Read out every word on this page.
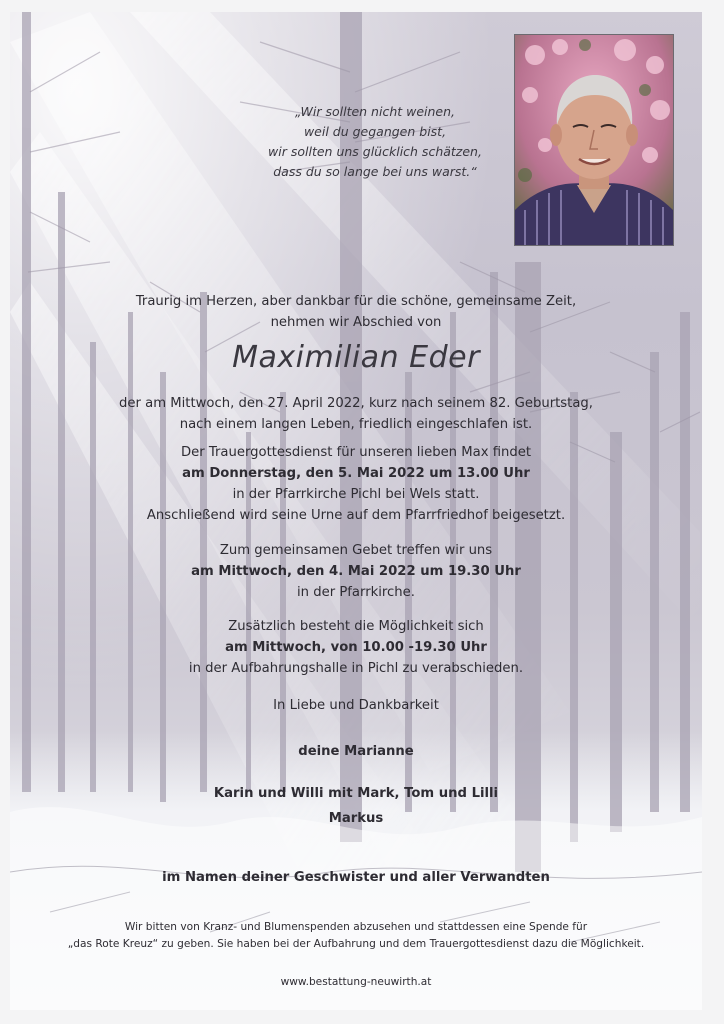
„Wir sollten nicht weinen,
weil du gegangen bist,
wir sollten uns glücklich schätzen,
dass du so lange bei uns warst.“
Traurig im Herzen, aber dankbar für die schöne, gemeinsame Zeit,
nehmen wir Abschied von
Maximilian Eder
der am Mittwoch, den 27. April 2022, kurz nach seinem 82. Geburtstag,
nach einem langen Leben, friedlich eingeschlafen ist.
Der Trauergottesdienst für unseren lieben Max findet
am Donnerstag, den 5. Mai 2022 um 13.00 Uhr
in der Pfarrkirche Pichl bei Wels statt.
Anschließend wird seine Urne auf dem Pfarrfriedhof beigesetzt.
Zum gemeinsamen Gebet treffen wir uns
am Mittwoch, den 4. Mai 2022 um 19.30 Uhr
in der Pfarrkirche.
Zusätzlich besteht die Möglichkeit sich
am Mittwoch, von 10.00 -19.30 Uhr
in der Aufbahrungshalle in Pichl zu verabschieden.
In Liebe und Dankbarkeit
deine Marianne
Karin und Willi mit Mark, Tom und Lilli
Markus
im Namen deiner Geschwister und aller Verwandten
Wir bitten von Kranz- und Blumenspenden abzusehen und stattdessen eine Spende für
„das Rote Kreuz“ zu geben. Sie haben bei der Aufbahrung und dem Trauergottesdienst dazu die Möglichkeit.
www.bestattung-neuwirth.at
